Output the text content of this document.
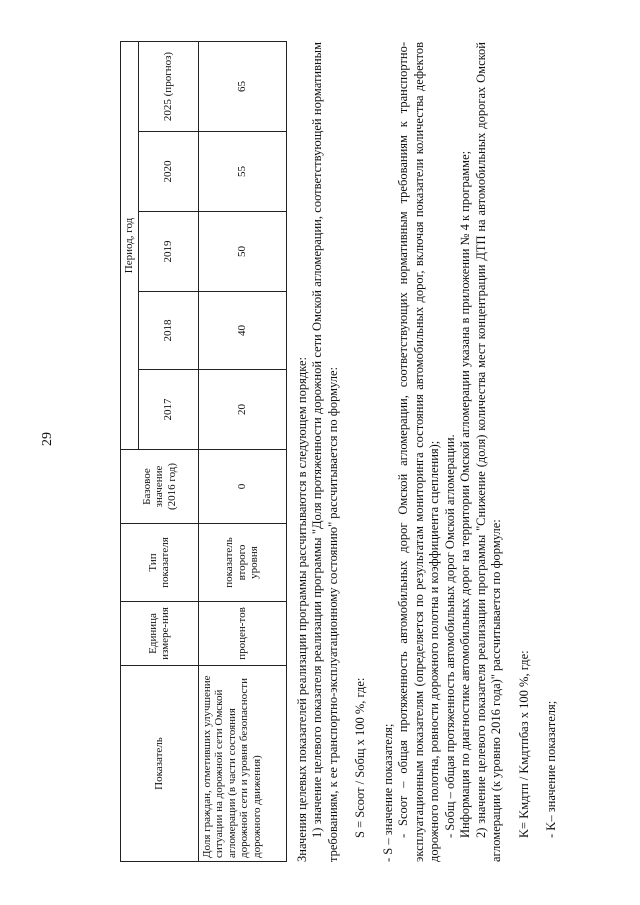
29
Показатель	Единица измере-ния	Тип показателя	Базовое значение (2016 год)	Период, год				
				2017	2018	2019	2020	2025 (прогноз)
Доля граждан, отметивших улучшение ситуации на дорожной сети Омской агломерации (в части состояния дорожной сети и уровня безопасности дорожного движения)	процен-тов	показатель второго уровня	0	20	40	50	55	65

Значения целевых показателей реализации программы рассчитываются в следующем порядке: 1) значение целевого показателя реализации программы "Доля протяженности дорожной сети Омской агломерации, соответствующей нормативным требованиям, к ее транспортно-эксплуатационному состоянию" рассчитывается по формуле: S = Sсоот / Sобщ х 100 %, где: - S – значение показателя; - Sсоот – общая протяженность автомобильных дорог Омской агломерации, соответствующих нормативным требованиям к транспортно-эксплуатационным показателям (определяется по результатам мониторинга состояния автомобильных дорог, включая показатели количества дефектов дорожного полотна, ровности дорожного полотна и коэффициента сцепления); - Sобщ – общая протяженность автомобильных дорог Омской агломерации. Информация по диагностике автомобильных дорог на территории Омской агломерации указана в приложении № 4 к программе; 2) значение целевого показателя реализации программы "Снижение (доля) количества мест концентрации ДТП на автомобильных дорогах Омской агломерации (к уровню 2016 года)" рассчитывается по формуле: K= Kмдтп / Kмдтпбаз х 100 %, где: - K– значение показателя;
